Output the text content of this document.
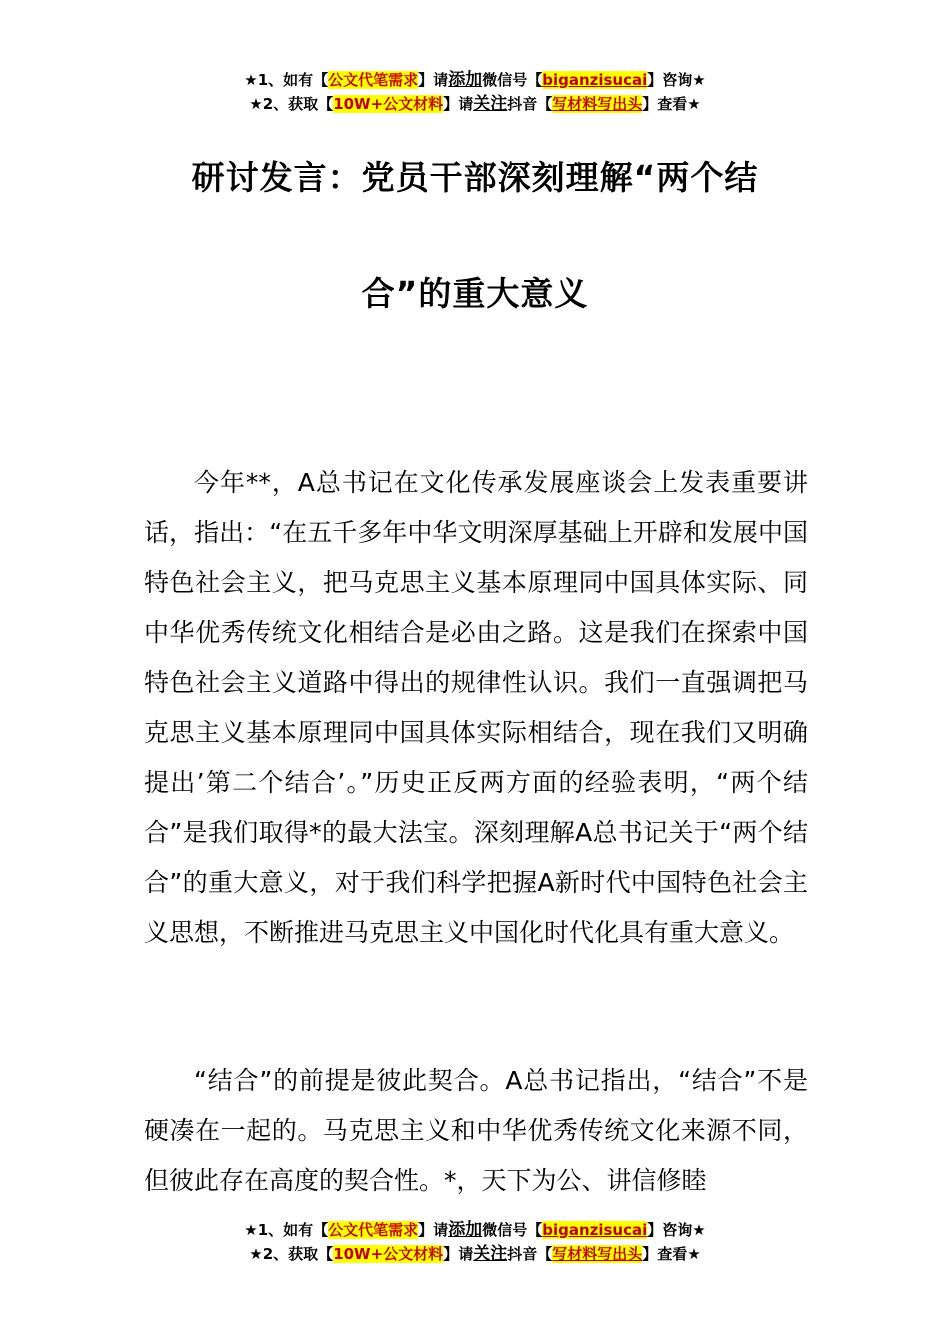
★1、如有【公文代笔需求】请添加微信号【biganzisucai】咨询★
★2、获取【10W+公文材料】请关注抖音【写材料写出头】查看★
研讨发言：党员干部深刻理解“两个结
合”的重大意义

今年**，A总书记在文化传承发展座谈会上发表重要讲话，指出：“在五千多年中华文明深厚基础上开辟和发展中国特色社会主义，把马克思主义基本原理同中国具体实际、同中华优秀传统文化相结合是必由之路。这是我们在探索中国特色社会主义道路中得出的规律性认识。我们一直强调把马克思主义基本原理同中国具体实际相结合，现在我们又明确提出’第二个结合’。”历史正反两方面的经验表明，“两个结合”是我们取得*的最大法宝。深刻理解A总书记关于“两个结合”的重大意义，对于我们科学把握A新时代中国特色社会主义思想，不断推进马克思主义中国化时代化具有重大意义。

“结合”的前提是彼此契合。A总书记指出，“结合”不是硬凑在一起的。马克思主义和中华优秀传统文化来源不同，但彼此存在高度的契合性。*，天下为公、讲信修睦

★1、如有【公文代笔需求】请添加微信号【biganzisucai】咨询★
★2、获取【10W+公文材料】请关注抖音【写材料写出头】查看★
